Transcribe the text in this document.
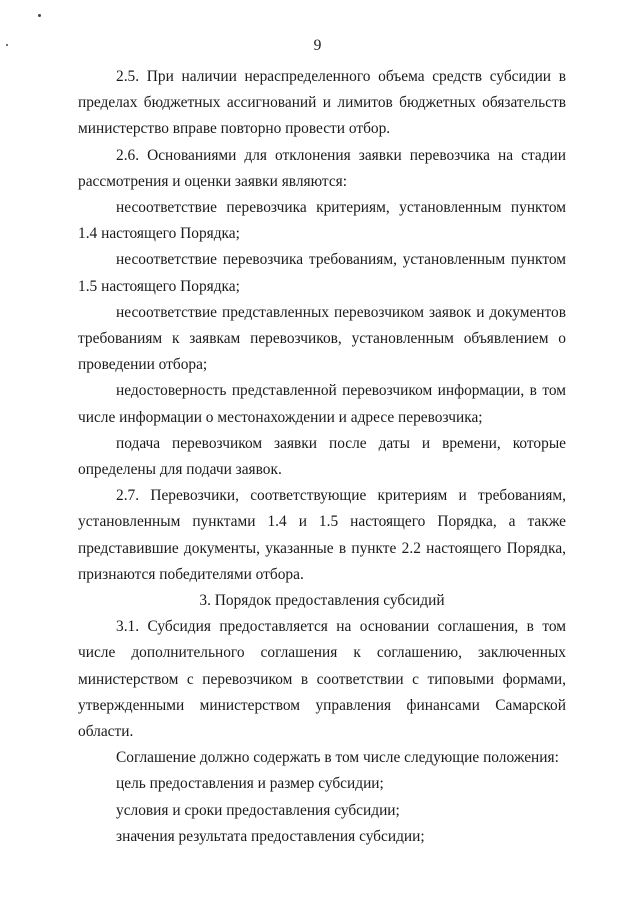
9

2.5. При наличии нераспределенного объема средств субсидии в пределах бюджетных ассигнований и лимитов бюджетных обязательств министерство вправе повторно провести отбор.

2.6. Основаниями для отклонения заявки перевозчика на стадии рассмотрения и оценки заявки являются:

несоответствие перевозчика критериям, установленным пунктом 1.4 настоящего Порядка;

несоответствие перевозчика требованиям, установленным пунктом 1.5 настоящего Порядка;

несоответствие представленных перевозчиком заявок и документов требованиям к заявкам перевозчиков, установленным объявлением о проведении отбора;

недостоверность представленной перевозчиком информации, в том числе информации о местонахождении и адресе перевозчика;

подача перевозчиком заявки после даты и времени, которые определены для подачи заявок.

2.7. Перевозчики, соответствующие критериям и требованиям, установленным пунктами 1.4 и 1.5 настоящего Порядка, а также представившие документы, указанные в пункте 2.2 настоящего Порядка, признаются победителями отбора.

3. Порядок предоставления субсидий

3.1. Субсидия предоставляется на основании соглашения, в том числе дополнительного соглашения к соглашению, заключенных министерством с перевозчиком в соответствии с типовыми формами, утвержденными министерством управления финансами Самарской области.

Соглашение должно содержать в том числе следующие положения:

цель предоставления и размер субсидии;

условия и сроки предоставления субсидии;

значения результата предоставления субсидии;
